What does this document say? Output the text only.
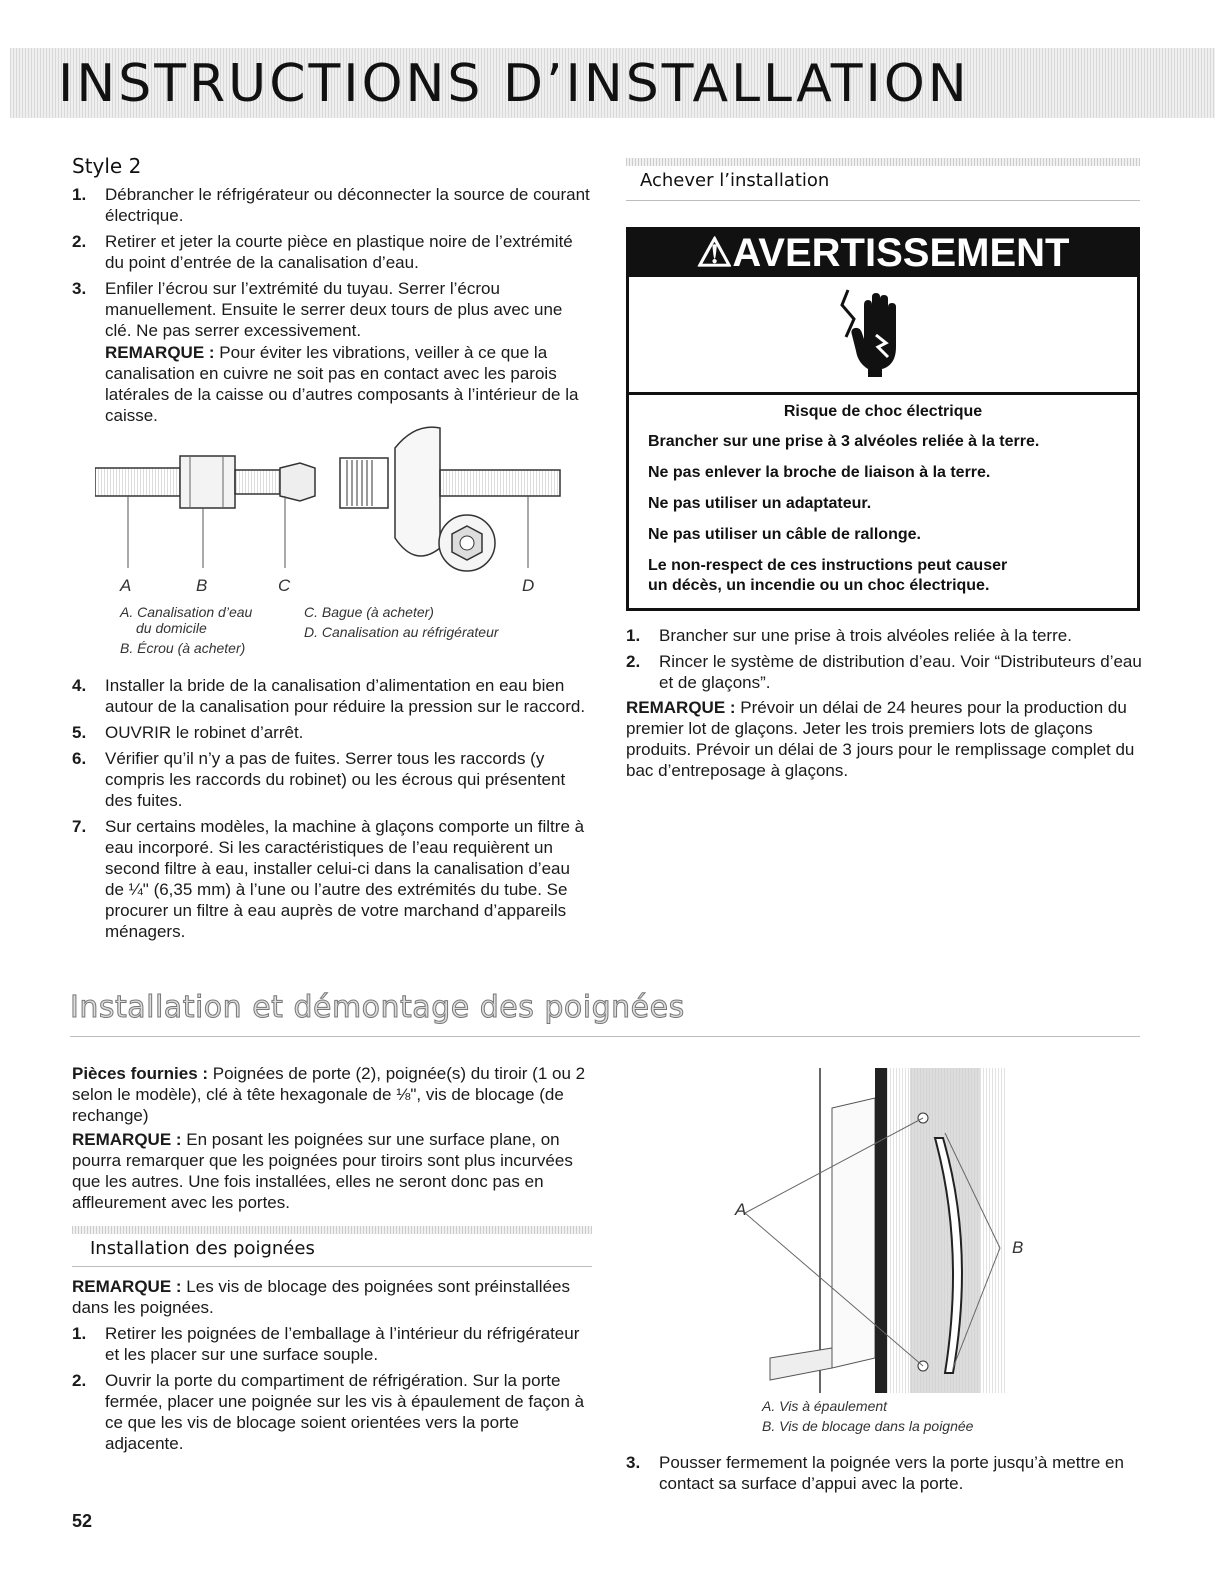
INSTRUCTIONS D’INSTALLATION
Style 2
1. Débrancher le réfrigérateur ou déconnecter la source de courant électrique.
2. Retirer et jeter la courte pièce en plastique noire de l’extrémité du point d’entrée de la canalisation d’eau.
3. Enfiler l’écrou sur l’extrémité du tuyau. Serrer l’écrou manuellement. Ensuite le serrer deux tours de plus avec une clé. Ne pas serrer excessivement.
REMARQUE : Pour éviter les vibrations, veiller à ce que la canalisation en cuivre ne soit pas en contact avec les parois latérales de la caisse ou d’autres composants à l’intérieur de la caisse.
A	B	C	D
A. Canalisation d’eau
du domicile
B. Écrou (à acheter)
C. Bague (à acheter)
D. Canalisation au réfrigérateur
4. Installer la bride de la canalisation d’alimentation en eau bien autour de la canalisation pour réduire la pression sur le raccord.
5. OUVRIR le robinet d’arrêt.
6. Vérifier qu’il n’y a pas de fuites. Serrer tous les raccords (y compris les raccords du robinet) ou les écrous qui présentent des fuites.
7. Sur certains modèles, la machine à glaçons comporte un filtre à eau incorporé. Si les caractéristiques de l’eau requièrent un second filtre à eau, installer celui-ci dans la canalisation d’eau de ¼" (6,35 mm) à l’une ou l’autre des extrémités du tube. Se procurer un filtre à eau auprès de votre marchand d’appareils ménagers.
Achever l’installation
⚠AVERTISSEMENT
Risque de choc électrique
Brancher sur une prise à 3 alvéoles reliée à la terre.
Ne pas enlever la broche de liaison à la terre.
Ne pas utiliser un adaptateur.
Ne pas utiliser un câble de rallonge.
Le non-respect de ces instructions peut causer
un décès, un incendie ou un choc électrique.
1. Brancher sur une prise à trois alvéoles reliée à la terre.
2. Rincer le système de distribution d’eau. Voir “Distributeurs d’eau et de glaçons”.
REMARQUE : Prévoir un délai de 24 heures pour la production du premier lot de glaçons. Jeter les trois premiers lots de glaçons produits. Prévoir un délai de 3 jours pour le remplissage complet du bac d’entreposage à glaçons.
Installation et démontage des poignées
Pièces fournies : Poignées de porte (2), poignée(s) du tiroir (1 ou 2 selon le modèle), clé à tête hexagonale de ⅛", vis de blocage (de rechange)
REMARQUE : En posant les poignées sur une surface plane, on pourra remarquer que les poignées pour tiroirs sont plus incurvées que les autres. Une fois installées, elles ne seront donc pas en affleurement avec les portes.
Installation des poignées
REMARQUE : Les vis de blocage des poignées sont préinstallées dans les poignées.
1. Retirer les poignées de l’emballage à l’intérieur du réfrigérateur et les placer sur une surface souple.
2. Ouvrir la porte du compartiment de réfrigération. Sur la porte fermée, placer une poignée sur les vis à épaulement de façon à ce que les vis de blocage soient orientées vers la porte adjacente.
A
B
A. Vis à épaulement
B. Vis de blocage dans la poignée
3. Pousser fermement la poignée vers la porte jusqu’à mettre en contact sa surface d’appui avec la porte.
52
